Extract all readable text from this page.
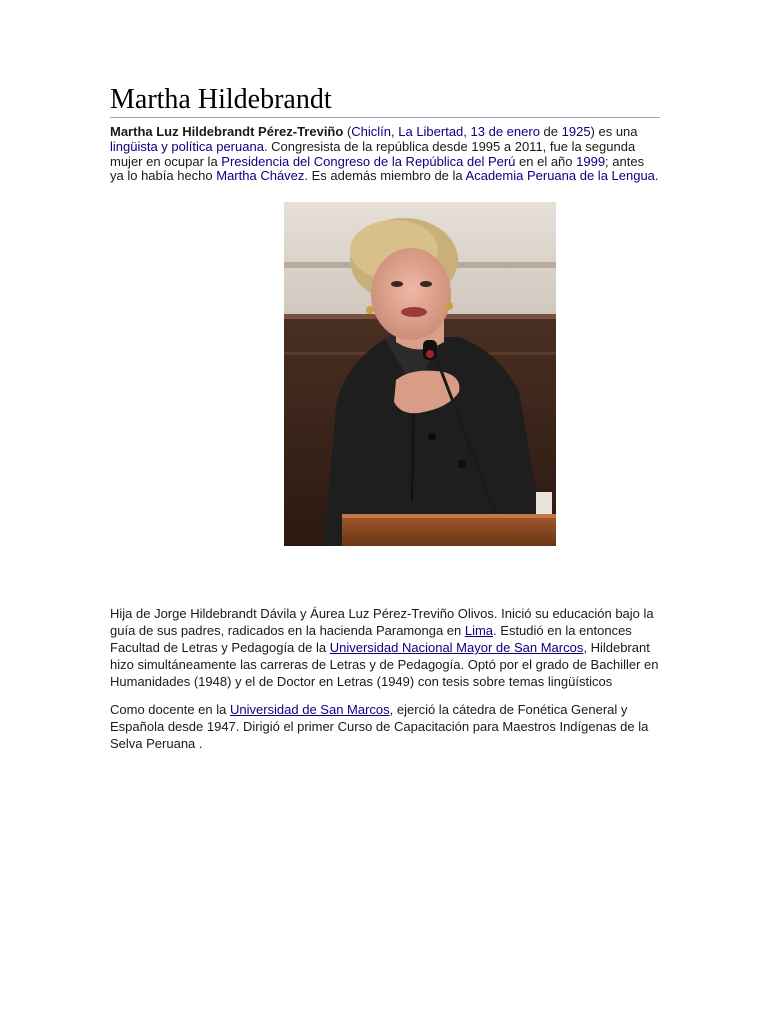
Martha Hildebrandt

Martha Luz Hildebrandt Pérez-Treviño (Chiclín, La Libertad, 13 de enero de 1925) es una lingüista y política peruana. Congresista de la república desde 1995 a 2011, fue la segunda mujer en ocupar la Presidencia del Congreso de la República del Perú en el año 1999; antes ya lo había hecho Martha Chávez. Es además miembro de la Academia Peruana de la Lengua.

Hija de Jorge Hildebrandt Dávila y Áurea Luz Pérez-Treviño Olivos. Inició su educación bajo la guía de sus padres, radicados en la hacienda Paramonga en Lima. Estudió en la entonces Facultad de Letras y Pedagogía de la Universidad Nacional Mayor de San Marcos, Hildebrant hizo simultáneamente las carreras de Letras y de Pedagogía. Optó por el grado de Bachiller en Humanidades (1948) y el de Doctor en Letras (1949) con tesis sobre temas lingüísticos

Como docente en la Universidad de San Marcos, ejerció la cátedra de Fonética General y Española desde 1947. Dirigió el primer Curso de Capacitación para Maestros Indígenas de la Selva Peruana .
